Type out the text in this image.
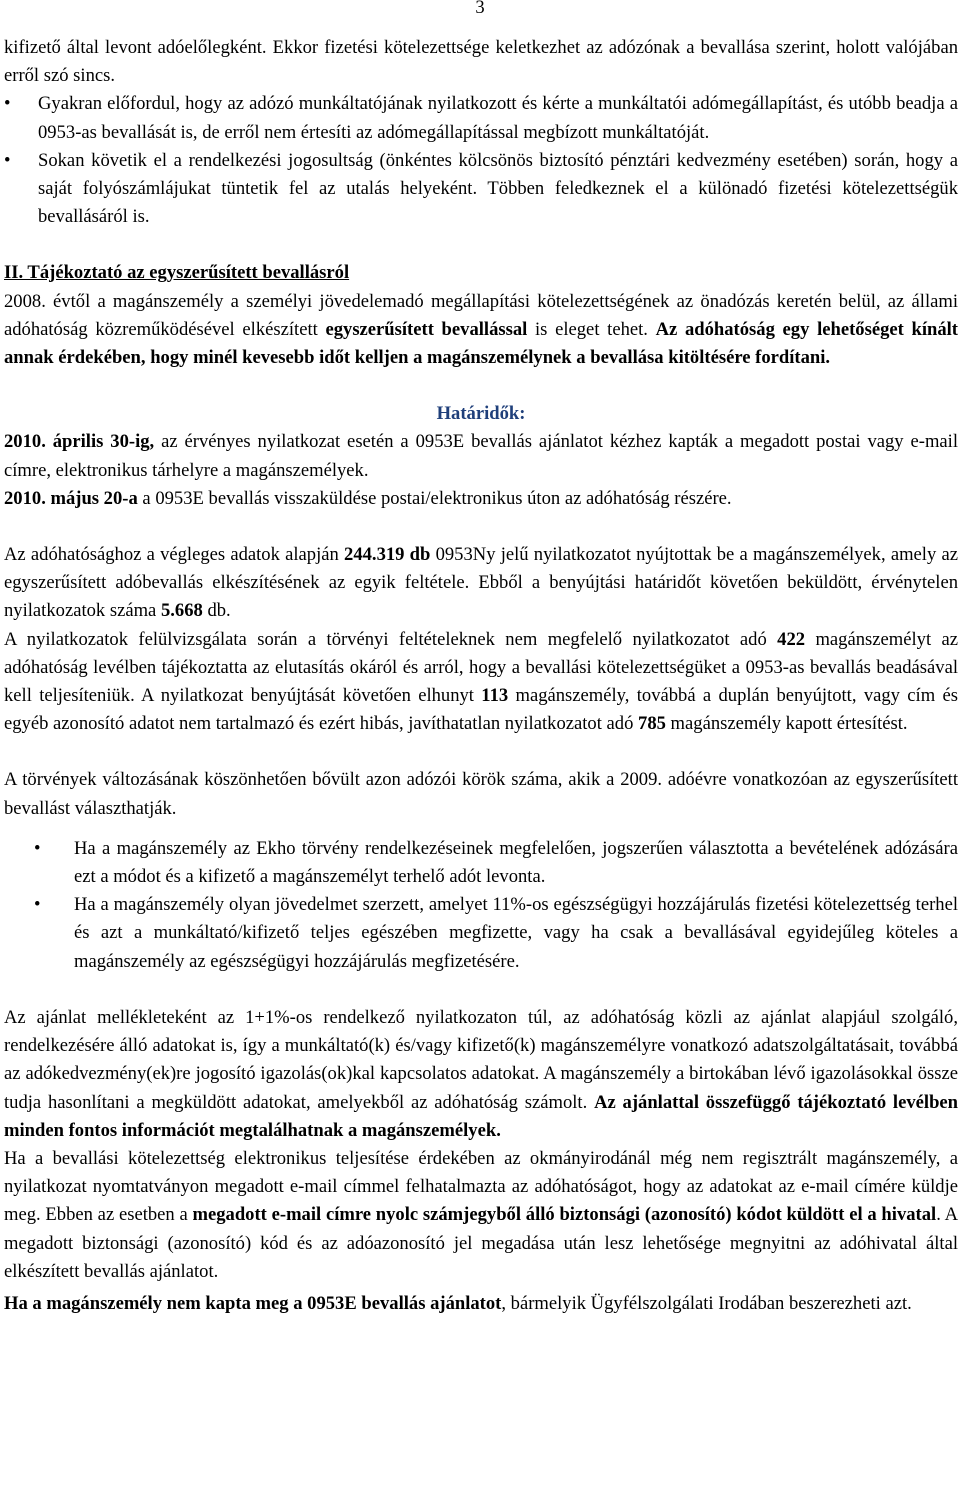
3

kifizető által levont adóelőlegként. Ekkor fizetési kötelezettsége keletkezhet az adózónak a bevallása szerint, holott valójában erről szó sincs.

• Gyakran előfordul, hogy az adózó munkáltatójának nyilatkozott és kérte a munkáltatói adómegállapítást, és utóbb beadja a 0953-as bevallását is, de erről nem értesíti az adómegállapítással megbízott munkáltatóját.

• Sokan követik el a rendelkezési jogosultság (önkéntes kölcsönös biztosító pénztári kedvezmény esetében) során, hogy a saját folyószámlájukat tüntetik fel az utalás helyeként. Többen feledkeznek el a különadó fizetési kötelezettségük bevallásáról is.

II. Tájékoztató az egyszerűsített bevallásról

2008. évtől a magánszemély a személyi jövedelemadó megállapítási kötelezettségének az önadózás keretén belül, az állami adóhatóság közreműködésével elkészített egyszerűsített bevallással is eleget tehet. Az adóhatóság egy lehetőséget kínált annak érdekében, hogy minél kevesebb időt kelljen a magánszemélynek a bevallása kitöltésére fordítani.

Határidők:

2010. április 30-ig, az érvényes nyilatkozat esetén a 0953E bevallás ajánlatot kézhez kapták a megadott postai vagy e-mail címre, elektronikus tárhelyre a magánszemélyek.

2010. május 20-a a 0953E bevallás visszaküldése postai/elektronikus úton az adóhatóság részére.

Az adóhatósághoz a végleges adatok alapján 244.319 db 0953Ny jelű nyilatkozatot nyújtottak be a magánszemélyek, amely az egyszerűsített adóbevallás elkészítésének az egyik feltétele. Ebből a benyújtási határidőt követően beküldött, érvénytelen nyilatkozatok száma 5.668 db.

A nyilatkozatok felülvizsgálata során a törvényi feltételeknek nem megfelelő nyilatkozatot adó 422 magánszemélyt az adóhatóság levélben tájékoztatta az elutasítás okáról és arról, hogy a bevallási kötelezettségüket a 0953-as bevallás beadásával kell teljesíteniük. A nyilatkozat benyújtását követően elhunyt 113 magánszemély, továbbá a duplán benyújtott, vagy cím és egyéb azonosító adatot nem tartalmazó és ezért hibás, javíthatatlan nyilatkozatot adó 785 magánszemély kapott értesítést.

A törvények változásának köszönhetően bővült azon adózói körök száma, akik a 2009. adóévre vonatkozóan az egyszerűsített bevallást választhatják.

• Ha a magánszemély az Ekho törvény rendelkezéseinek megfelelően, jogszerűen választotta a bevételének adózására ezt a módot és a kifizető a magánszemélyt terhelő adót levonta.

• Ha a magánszemély olyan jövedelmet szerzett, amelyet 11%-os egészségügyi hozzájárulás fizetési kötelezettség terhel és azt a munkáltató/kifizető teljes egészében megfizette, vagy ha csak a bevallásával egyidejűleg köteles a magánszemély az egészségügyi hozzájárulás megfizetésére.

Az ajánlat mellékleteként az 1+1%-os rendelkező nyilatkozaton túl, az adóhatóság közli az ajánlat alapjául szolgáló, rendelkezésére álló adatokat is, így a munkáltató(k) és/vagy kifizető(k) magánszemélyre vonatkozó adatszolgáltatásait, továbbá az adókedvezmény(ek)re jogosító igazolás(ok)kal kapcsolatos adatokat. A magánszemély a birtokában lévő igazolásokkal össze tudja hasonlítani a megküldött adatokat, amelyekből az adóhatóság számolt. Az ajánlattal összefüggő tájékoztató levélben minden fontos információt megtalálhatnak a magánszemélyek.

Ha a bevallási kötelezettség elektronikus teljesítése érdekében az okmányirodánál még nem regisztrált magánszemély, a nyilatkozat nyomtatványon megadott e-mail címmel felhatalmazta az adóhatóságot, hogy az adatokat az e-mail címére küldje meg. Ebben az esetben a megadott e-mail címre nyolc számjegyből álló biztonsági (azonosító) kódot küldött el a hivatal. A megadott biztonsági (azonosító) kód és az adóazonosító jel megadása után lesz lehetősége megnyitni az adóhivatal által elkészített bevallás ajánlatot.

Ha a magánszemély nem kapta meg a 0953E bevallás ajánlatot, bármelyik Ügyfélszolgálati Irodában beszerezheti azt.
